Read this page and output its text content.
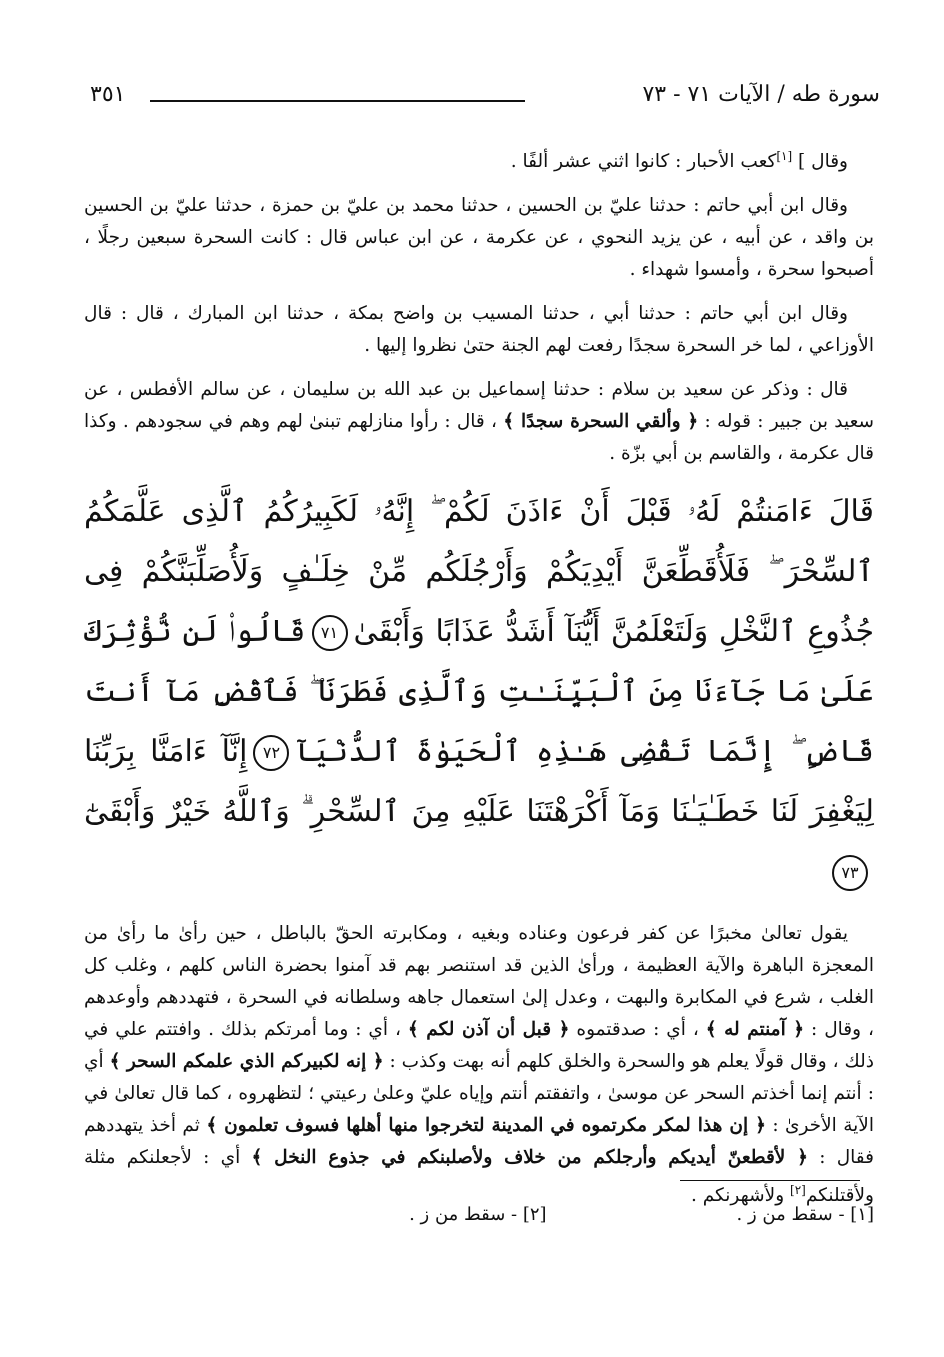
سورة طه / الآيات ٧١ - ٧٣
٣٥١

وقال ] [١]كعب الأحبار : كانوا اثني عشر ألفًا .

وقال ابن أبي حاتم : حدثنا عليّ بن الحسين ، حدثنا محمد بن عليّ بن حمزة ، حدثنا عليّ بن الحسين بن واقد ، عن أبيه ، عن يزيد النحوي ، عن عكرمة ، عن ابن عباس قال : كانت السحرة سبعين رجلًا ، أصبحوا سحرة ، وأمسوا شهداء .

وقال ابن أبي حاتم : حدثنا أبي ، حدثنا المسيب بن واضح بمكة ، حدثنا ابن المبارك ، قال : قال الأوزاعي ، لما خر السحرة سجدًا رفعت لهم الجنة حتىٰ نظروا إليها .

قال : وذكر عن سعيد بن سلام : حدثنا إسماعيل بن عبد الله بن سليمان ، عن سالم الأفطس ، عن سعيد بن جبير : قوله : ﴿ وألقي السحرة سجدًا ﴾ ، قال : رأوا منازلهم تبنىٰ لهم وهم في سجودهم . وكذا قال عكرمة ، والقاسم بن أبي بزّة .

قَالَ ءَامَنتُمْ لَهُۥ قَبْلَ أَنْ ءَاذَنَ لَكُمْ ۖ إِنَّهُۥ لَكَبِيرُكُمُ ٱلَّذِى عَلَّمَكُمُ ٱلسِّحْرَ ۖ فَلَأُقَطِّعَنَّ أَيْدِيَكُمْ وَأَرْجُلَكُم مِّنْ خِلَـٰفٍ وَلَأُصَلِّبَنَّكُمْ فِى جُذُوعِ ٱلنَّخْلِ وَلَتَعْلَمُنَّ أَيُّنَآ أَشَدُّ عَذَابًا وَأَبْقَىٰ٧١قَالُوا۟ لَن نُّؤْثِرَكَ عَلَىٰ مَا جَآءَنَا مِنَ ٱلْبَيِّنَـٰتِ وَٱلَّذِى فَطَرَنَا ۖ فَٱقْضِ مَآ أَنتَ قَاضٍ ۖ إِنَّمَا تَقْضِى هَـٰذِهِ ٱلْحَيَوٰةَ ٱلدُّنْيَآ٧٢إِنَّآ ءَامَنَّا بِرَبِّنَا لِيَغْفِرَ لَنَا خَطَـٰيَـٰنَا وَمَآ أَكْرَهْتَنَا عَلَيْهِ مِنَ ٱلسِّحْرِ ۗ وَٱللَّهُ خَيْرٌ وَأَبْقَىٰٓ٧٣

يقول تعالىٰ مخبرًا عن كفر فرعون وعناده وبغيه ، ومكابرته الحقّ بالباطل ، حين رأىٰ ما رأىٰ من المعجزة الباهرة والآية العظيمة ، ورأىٰ الذين قد استنصر بهم قد آمنوا بحضرة الناس كلهم ، وغلب كل الغلب ، شرع في المكابرة والبهت ، وعدل إلىٰ استعمال جاهه وسلطانه في السحرة ، فتهددهم وأوعدهم ، وقال : ﴿ آمنتم له ﴾ ، أي : صدقتموه ﴿ قبل أن آذن لكم ﴾ ، أي : وما أمرتكم بذلك . وافتتم علي في ذلك ، وقال قولًا يعلم هو والسحرة والخلق كلهم أنه بهت وكذب : ﴿ إنه لكبيركم الذي علمكم السحر ﴾ أي : أنتم إنما أخذتم السحر عن موسىٰ ، واتفقتم أنتم وإياه عليّ وعلىٰ رعيتي ؛ لتظهروه ، كما قال تعالىٰ في الآية الأخرىٰ : ﴿ إن هذا لمكر مكرتموه في المدينة لتخرجوا منها أهلها فسوف تعلمون ﴾ ثم أخذ يتهددهم فقال : ﴿ لأقطعنّ أيديكم وأرجلكم من خلاف ولأصلبنكم في جذوع النخل ﴾ أي : لأجعلنكم مثلة ولأقتلنكم[٢] ولأشهرنكم .

[١] - سقط من ز .
[٢] - سقط من ز .
